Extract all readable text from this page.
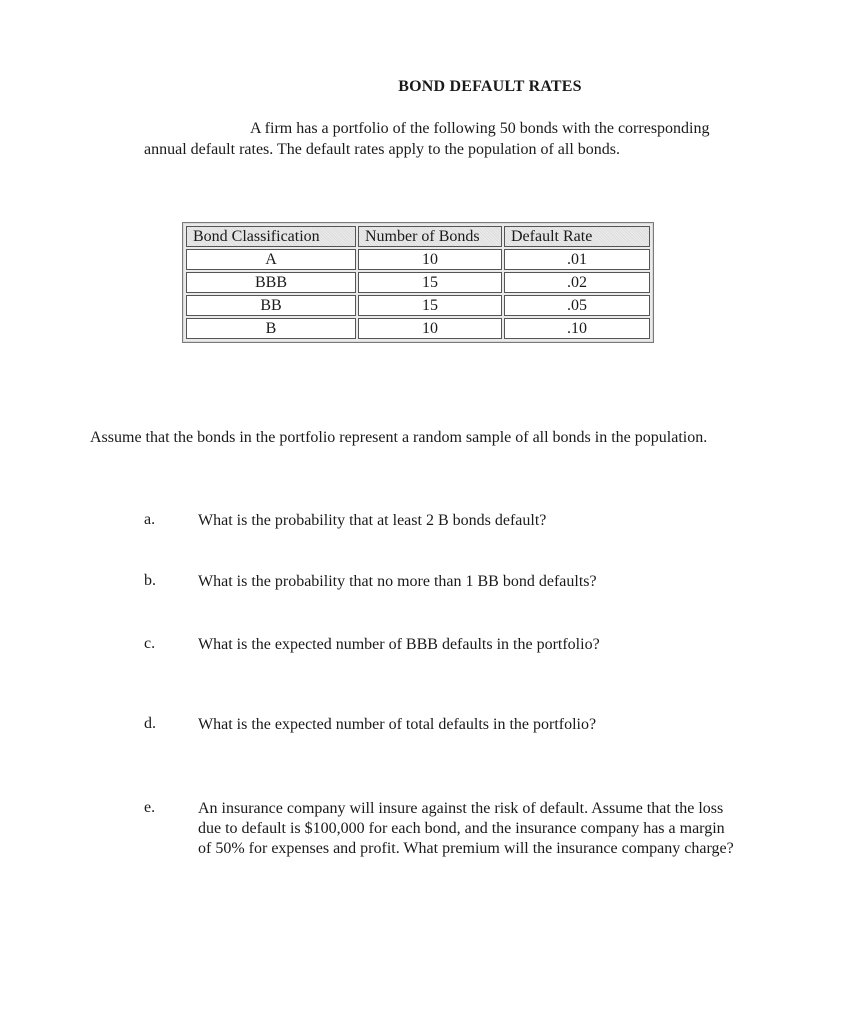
BOND DEFAULT RATES

A firm has a portfolio of the following 50 bonds with the corresponding annual default rates. The default rates apply to the population of all bonds.

Bond Classification	Number of Bonds	Default Rate
A	10	.01
BBB	15	.02
BB	15	.05
B	10	.10

Assume that the bonds in the portfolio represent a random sample of all bonds in the population.

a.	What is the probability that at least 2 B bonds default?
b.	What is the probability that no more than 1 BB bond defaults?
c.	What is the expected number of BBB defaults in the portfolio?
d.	What is the expected number of total defaults in the portfolio?
e.	An insurance company will insure against the risk of default. Assume that the loss due to default is $100,000 for each bond, and the insurance company has a margin of 50% for expenses and profit. What premium will the insurance company charge?
